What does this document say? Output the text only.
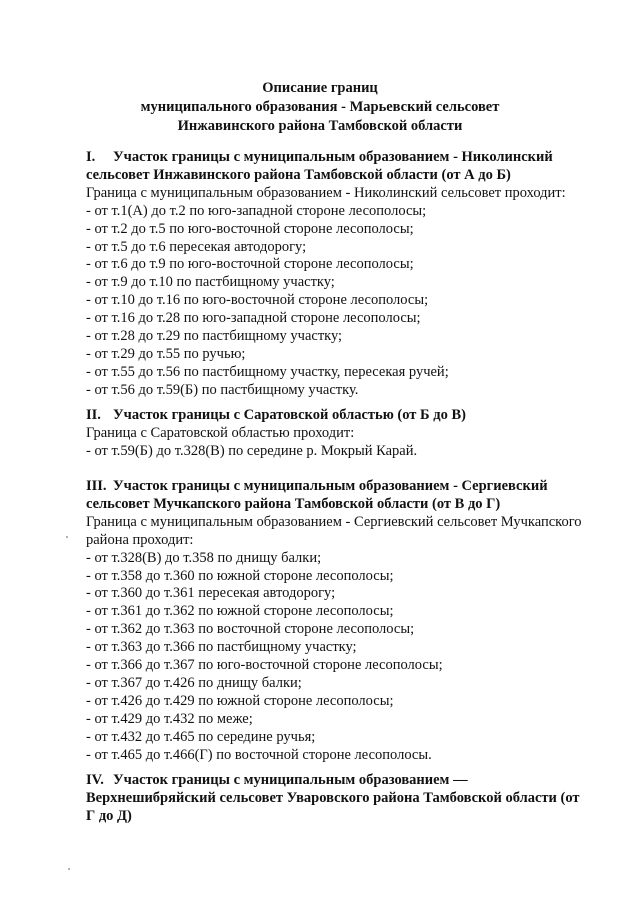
Описание границ
муниципального образования - Марьевский сельсовет
Инжавинского района Тамбовской области
I. Участок границы с муниципальным образованием - Николинский
сельсовет Инжавинского района Тамбовской области (от А до Б)
Граница с муниципальным образованием - Николинский сельсовет проходит:
- от т.1(А) до т.2 по юго-западной стороне лесополосы;
- от т.2 до т.5 по юго-восточной стороне лесополосы;
- от т.5 до т.6 пересекая автодорогу;
- от т.6 до т.9 по юго-восточной стороне лесополосы;
- от т.9 до т.10 по пастбищному участку;
- от т.10 до т.16 по юго-восточной стороне лесополосы;
- от т.16 до т.28 по юго-западной стороне лесополосы;
- от т.28 до т.29 по пастбищному участку;
- от т.29 до т.55 по ручью;
- от т.55 до т.56 по пастбищному участку, пересекая ручей;
- от т.56 до т.59(Б) по пастбищному участку.
II. Участок границы с Саратовской областью (от Б до В)
Граница с Саратовской областью проходит:
- от т.59(Б) до т.328(В) по середине р. Мокрый Карай.
III. Участок границы с муниципальным образованием - Сергиевский
сельсовет Мучкапского района Тамбовской области (от В до Г)
Граница с муниципальным образованием - Сергиевский сельсовет Мучкапского
района проходит:
- от т.328(В) до т.358 по днищу балки;
- от т.358 до т.360 по южной стороне лесополосы;
- от т.360 до т.361 пересекая автодорогу;
- от т.361 до т.362 по южной стороне лесополосы;
- от т.362 до т.363 по восточной стороне лесополосы;
- от т.363 до т.366 по пастбищному участку;
- от т.366 до т.367 по юго-восточной стороне лесополосы;
- от т.367 до т.426 по днищу балки;
- от т.426 до т.429 по южной стороне лесополосы;
- от т.429 до т.432 по меже;
- от т.432 до т.465 по середине ручья;
- от т.465 до т.466(Г) по восточной стороне лесополосы.
IV. Участок границы с муниципальным образованием —
Верхнешибряйский сельсовет Уваровского района Тамбовской области (от
Г до Д)
